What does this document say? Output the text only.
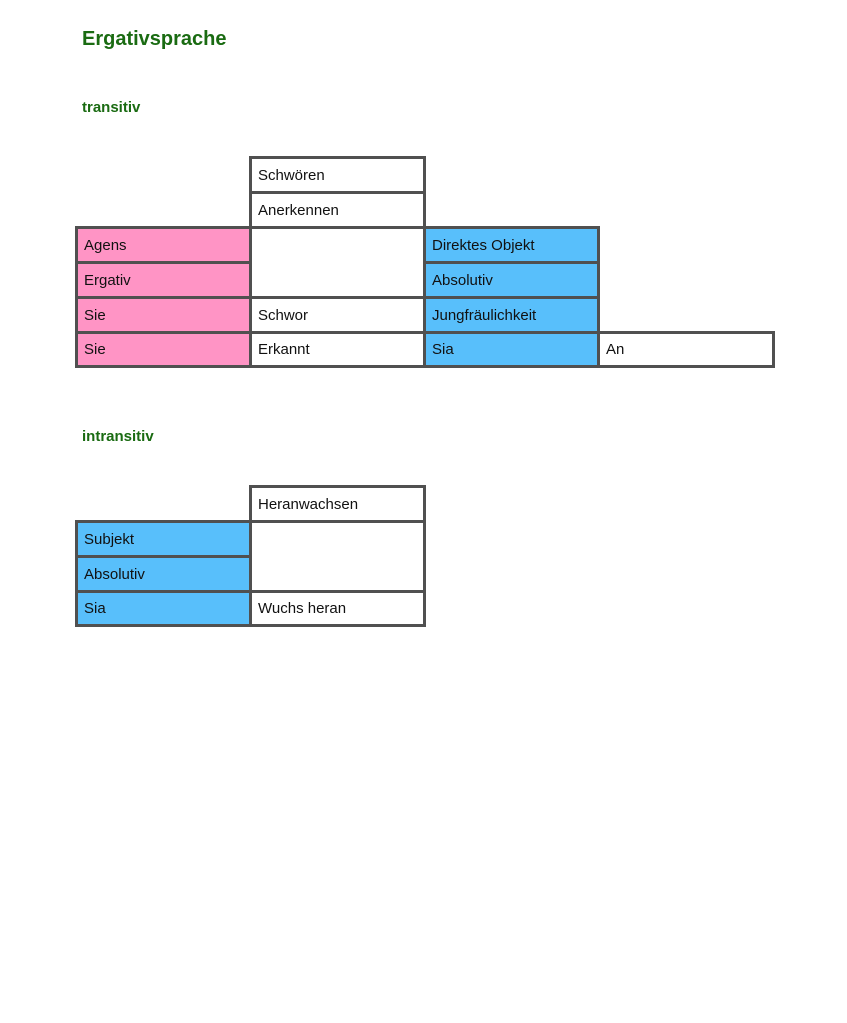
Ergativsprache
transitiv
Schwören
Anerkennen
Agens
Ergativ
Sie
Sie
Schwor
Erkannt
Direktes Objekt
Absolutiv
Jungfräulichkeit
Sia	An
intransitiv
Heranwachsen
Subjekt
Absolutiv
Sia	Wuchs heran
